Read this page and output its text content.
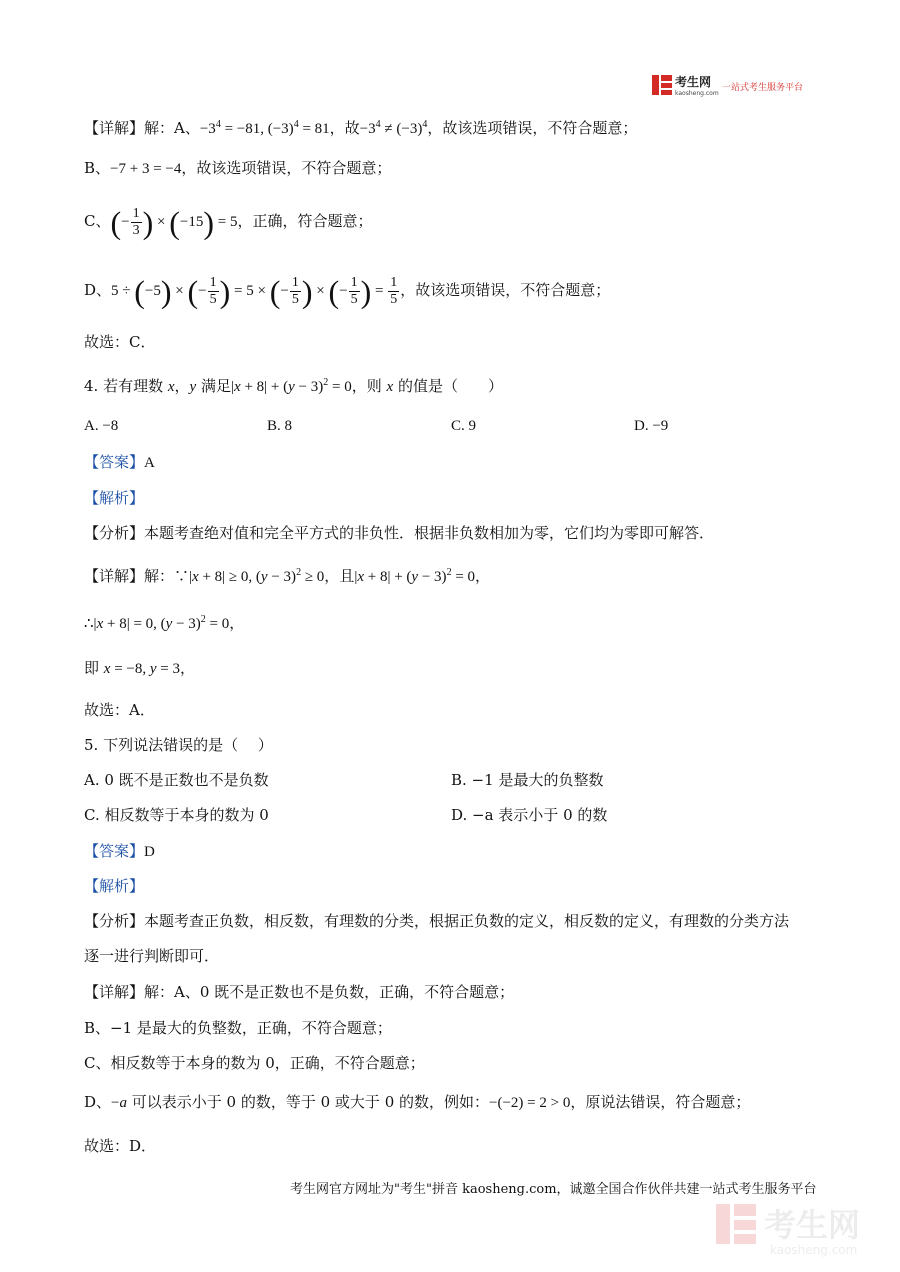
考生网
kaosheng.com
一站式考生服务平台
【详解】解：A、$-3^4 = -81$, $(-3)^4 = 81$，故$-3^4 \ne (-3)^4$，故该选项错误，不符合题意；
B、−7 + 3 = −4，故该选项错误，不符合题意；
C、(− $\frac{1}{3}$ ) × (−15) = 5，正确，符合题意；
D、5 ÷ (−5) × (− $\frac{1}{5}$ ) = 5 × (− $\frac{1}{5}$ ) × (− $\frac{1}{5}$ ) = $\frac{1}{5}$ ，故该选项错误，不符合题意；
故选：C．
4. 若有理数 x，y 满足$|x + 8| + (y - 3)^2 = 0$，则 x 的值是（　　）
A. −8	B. 8	C. 9	D. −9
【答案】A
【解析】
【分析】本题考查绝对值和完全平方式的非负性．根据非负数相加为零，它们均为零即可解答．
【详解】解：∵|x + 8| ≥ 0, $(y - 3)^2 \ge 0$，且$|x + 8| + (y - 3)^2 = 0$，
∴|x + 8| = 0, $(y - 3)^2 = 0$，
即 x = −8, y = 3，
故选：A．
5. 下列说法错误的是（　 ）
A. 0 既不是正数也不是负数	B. −1 是最大的负整数
C. 相反数等于本身的数为 0	D. −a 表示小于 0 的数
【答案】D
【解析】
【分析】本题考查正负数，相反数，有理数的分类，根据正负数的定义，相反数的定义，有理数的分类方法
逐一进行判断即可．
【详解】解：A、0 既不是正数也不是负数，正确，不符合题意；
B、−1 是最大的负整数，正确，不符合题意；
C、相反数等于本身的数为 0，正确，不符合题意；
D、−a 可以表示小于 0 的数，等于 0 或大于 0 的数，例如：−(−2) = 2 > 0，原说法错误，符合题意；
故选：D．
考生网官方网址为"考生"拼音 kaosheng.com，诚邀全国合作伙伴共建一站式考生服务平台
考生网
kaosheng.com
